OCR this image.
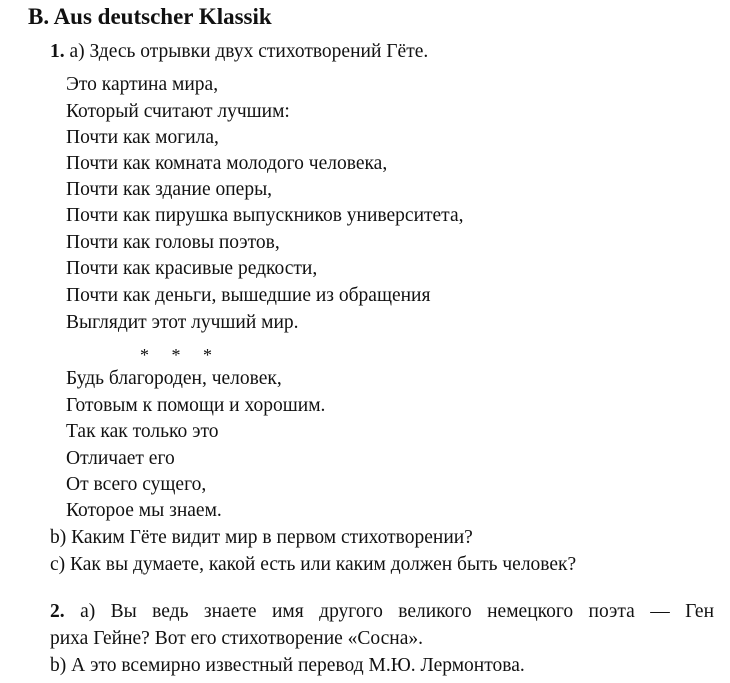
B. Aus deutscher Klassik
1. а) Здесь отрывки двух стихотворений Гёте.
Это картина мира,
Который считают лучшим:
Почти как могила,
Почти как комната молодого человека,
Почти как здание оперы,
Почти как пирушка выпускников университета,
Почти как головы поэтов,
Почти как красивые редкости,
Почти как деньги, вышедшие из обращения
Выглядит этот лучший мир.
* * *
Будь благороден, человек,
Готовым к помощи и хорошим.
Так как только это
Отличает его
От всего сущего,
Которое мы знаем.
b) Каким Гёте видит мир в первом стихотворении?
c) Как вы думаете, какой есть или каким должен быть человек?
2. а) Вы ведь знаете имя другого великого немецкого поэта — Ген
риха Гейне? Вот его стихотворение «Сосна».
b) А это всемирно известный перевод М.Ю. Лермонтова.
